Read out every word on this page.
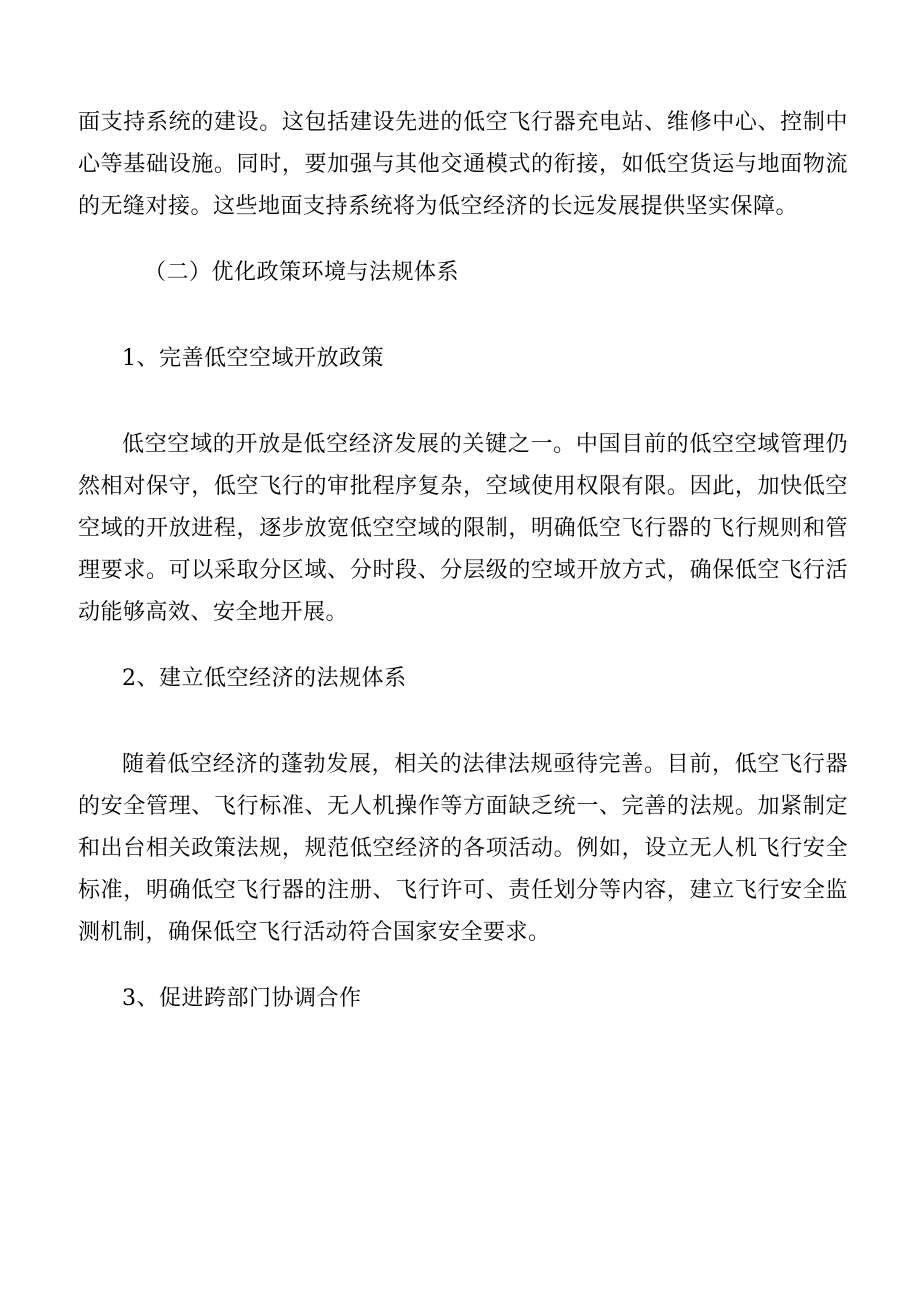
面支持系统的建设。这包括建设先进的低空飞行器充电站、维修中心、控制中心等基础设施。同时，要加强与其他交通模式的衔接，如低空货运与地面物流的无缝对接。这些地面支持系统将为低空经济的长远发展提供坚实保障。

（二）优化政策环境与法规体系
1、完善低空空域开放政策

低空空域的开放是低空经济发展的关键之一。中国目前的低空空域管理仍然相对保守，低空飞行的审批程序复杂，空域使用权限有限。因此，加快低空空域的开放进程，逐步放宽低空空域的限制，明确低空飞行器的飞行规则和管理要求。可以采取分区域、分时段、分层级的空域开放方式，确保低空飞行活动能够高效、安全地开展。

2、建立低空经济的法规体系

随着低空经济的蓬勃发展，相关的法律法规亟待完善。目前，低空飞行器的安全管理、飞行标准、无人机操作等方面缺乏统一、完善的法规。加紧制定和出台相关政策法规，规范低空经济的各项活动。例如，设立无人机飞行安全标准，明确低空飞行器的注册、飞行许可、责任划分等内容，建立飞行安全监测机制，确保低空飞行活动符合国家安全要求。

3、促进跨部门协调合作
